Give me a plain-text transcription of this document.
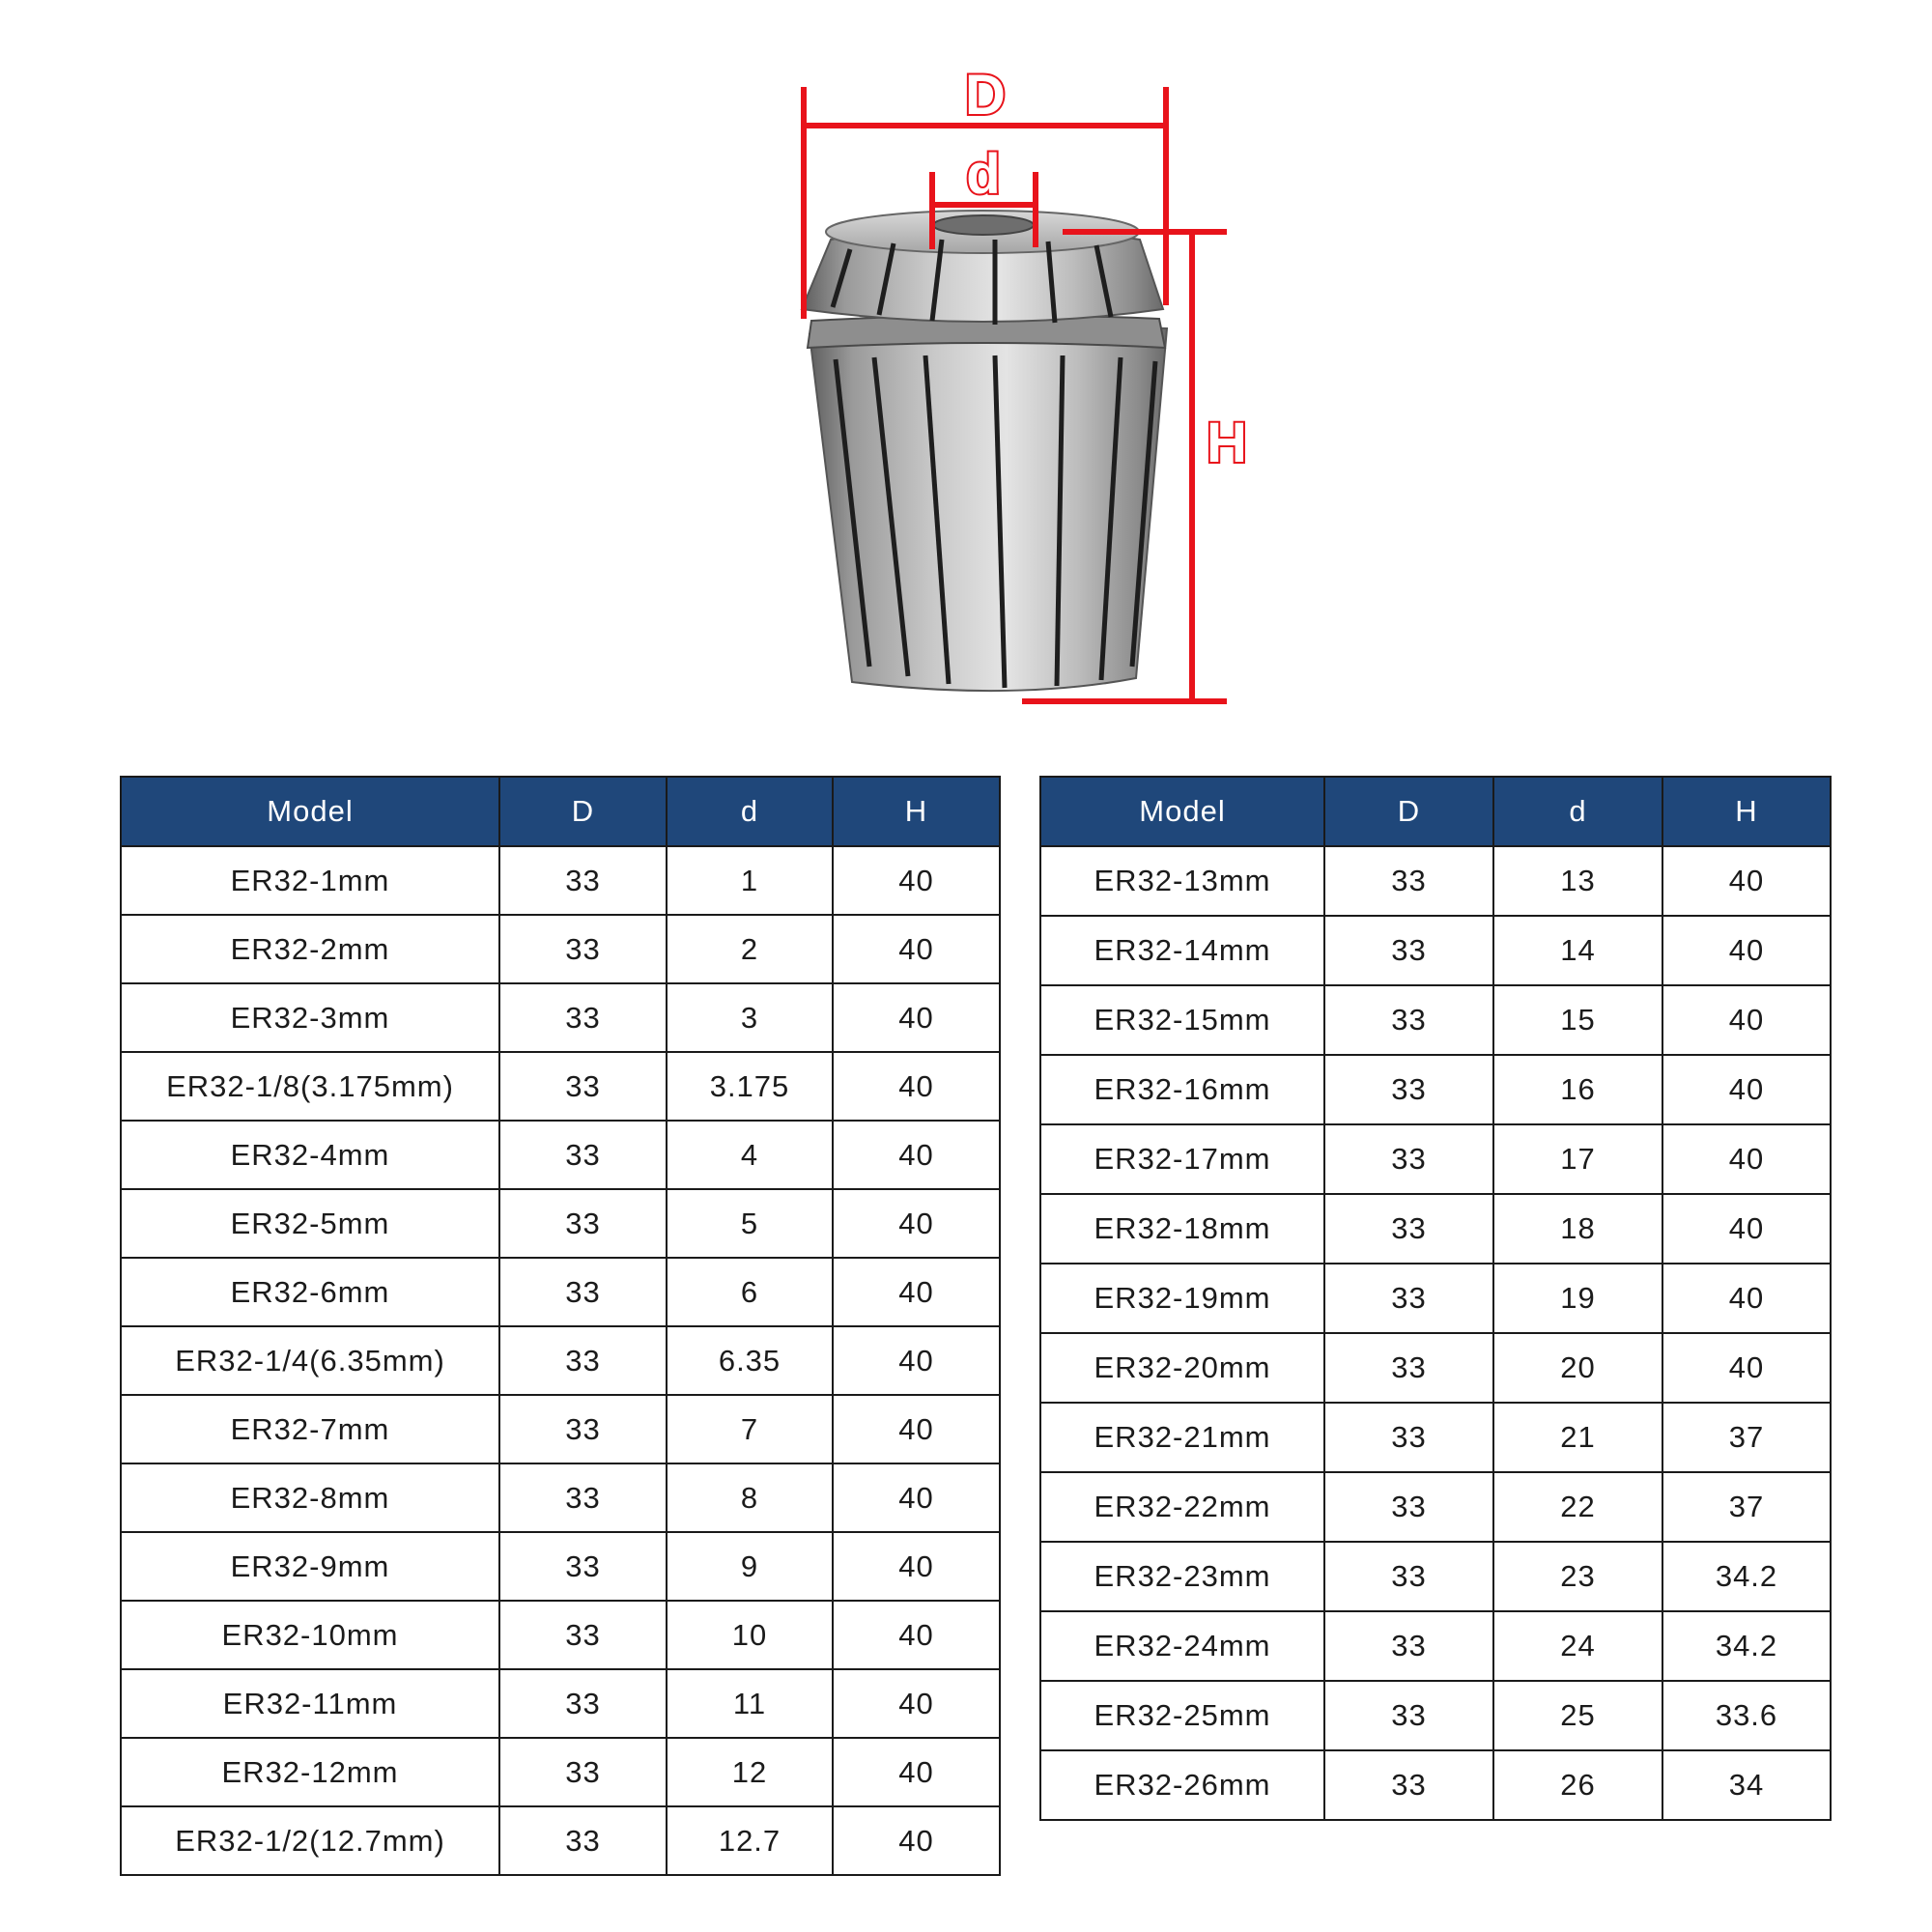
D
d
H
Model	D	d	H
ER32-1mm	33	1	40
ER32-2mm	33	2	40
ER32-3mm	33	3	40
ER32-1/8(3.175mm)	33	3.175	40
ER32-4mm	33	4	40
ER32-5mm	33	5	40
ER32-6mm	33	6	40
ER32-1/4(6.35mm)	33	6.35	40
ER32-7mm	33	7	40
ER32-8mm	33	8	40
ER32-9mm	33	9	40
ER32-10mm	33	10	40
ER32-11mm	33	11	40
ER32-12mm	33	12	40
ER32-1/2(12.7mm)	33	12.7	40
Model	D	d	H
ER32-13mm	33	13	40
ER32-14mm	33	14	40
ER32-15mm	33	15	40
ER32-16mm	33	16	40
ER32-17mm	33	17	40
ER32-18mm	33	18	40
ER32-19mm	33	19	40
ER32-20mm	33	20	40
ER32-21mm	33	21	37
ER32-22mm	33	22	37
ER32-23mm	33	23	34.2
ER32-24mm	33	24	34.2
ER32-25mm	33	25	33.6
ER32-26mm	33	26	34
